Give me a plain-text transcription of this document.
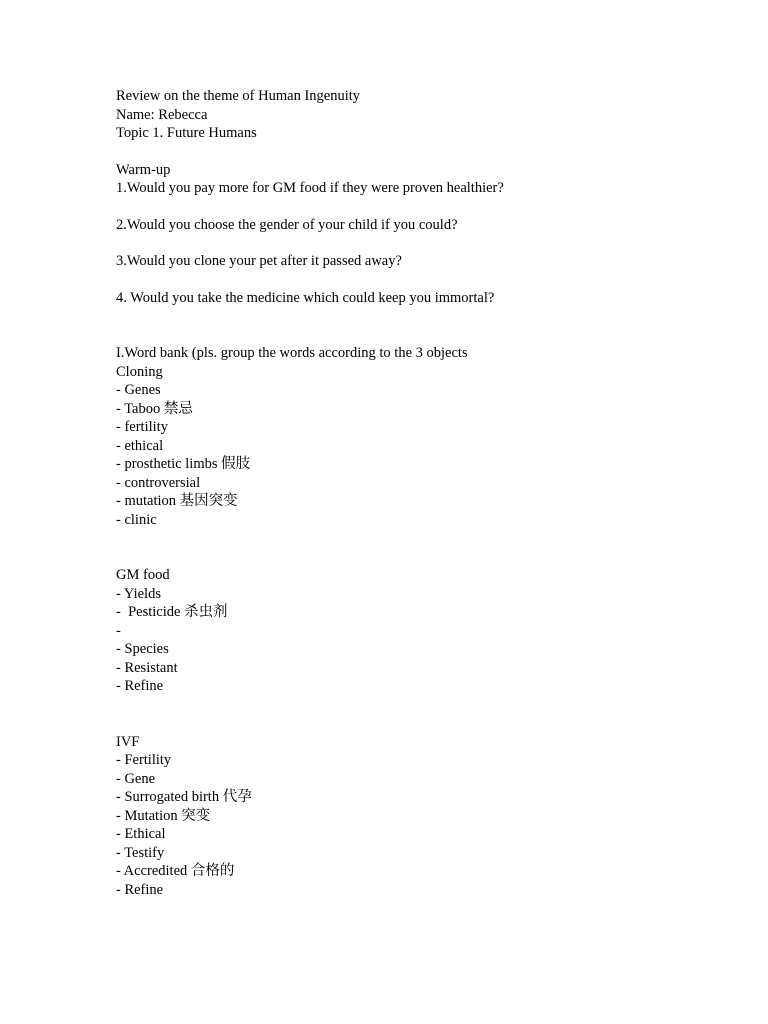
Review on the theme of Human Ingenuity
Name: Rebecca
Topic 1. Future Humans
Warm-up
1.Would you pay more for GM food if they were proven healthier?
2.Would you choose the gender of your child if you could?
3.Would you clone your pet after it passed away?
4. Would you take the medicine which could keep you immortal?
I.Word bank (pls. group the words according to the 3 objects
Cloning
- Genes
- Taboo 禁忌
- fertility
- ethical
- prosthetic limbs 假肢
- controversial
- mutation 基因突变
- clinic
GM food
- Yields
-  Pesticide 杀虫剂
-
- Species
- Resistant
- Refine
IVF
- Fertility
- Gene
- Surrogated birth 代孕
- Mutation 突变
- Ethical
- Testify
- Accredited 合格的
- Refine
